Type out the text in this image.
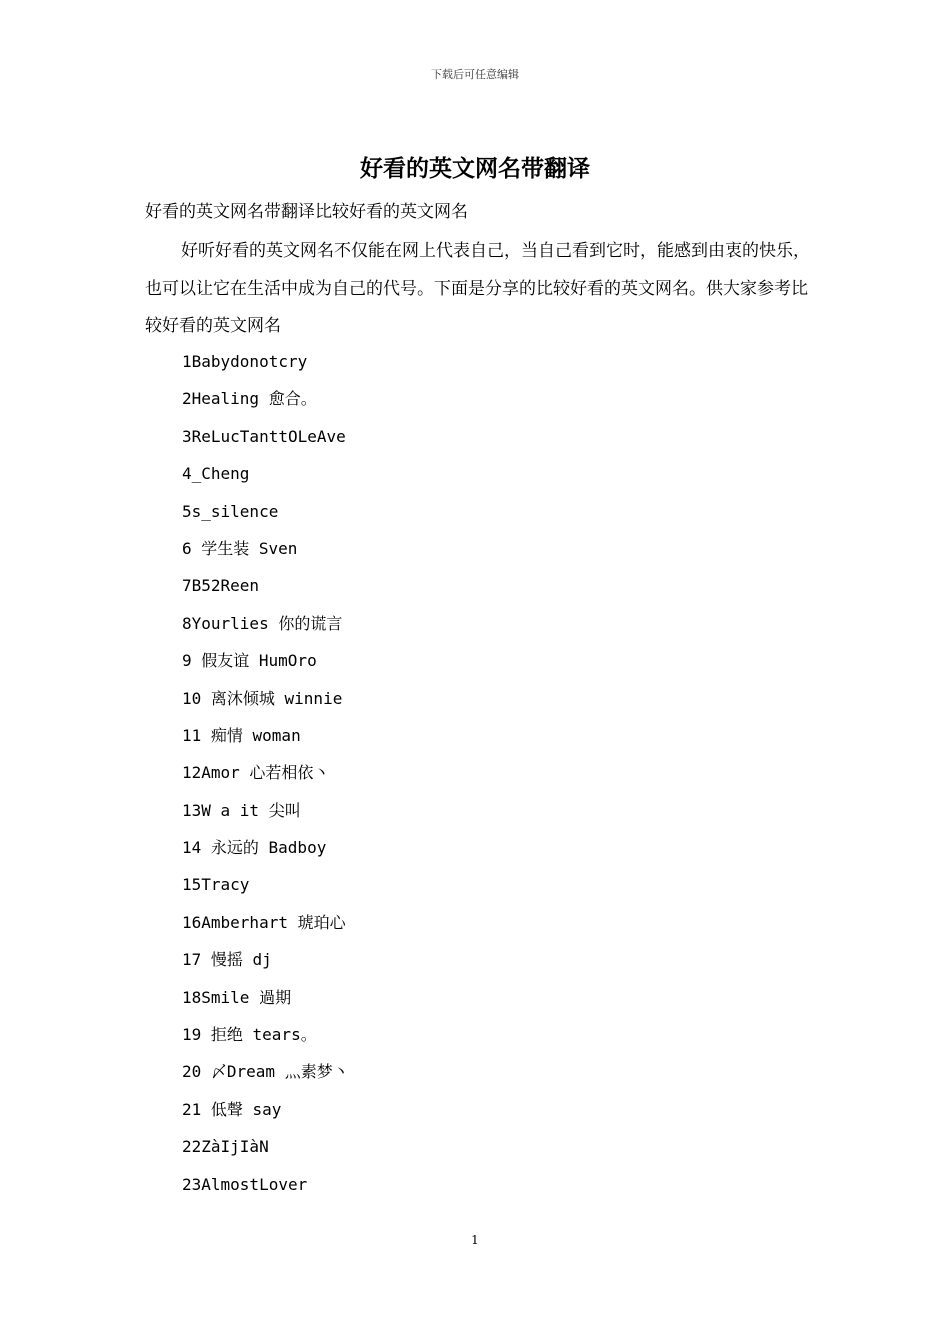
下载后可任意编辑
好看的英文网名带翻译
好看的英文网名带翻译比较好看的英文网名

好听好看的英文网名不仅能在网上代表自己，当自己看到它时，能感到由衷的快乐，也可以让它在生活中成为自己的代号。下面是分享的比较好看的英文网名。供大家参考比较好看的英文网名

1Babydonotcry
2Healing 愈合。
3ReLucTanttOLeAve
4_Cheng
5s_silence
6 学生装 Sven
7B52Reen
8Yourlies 你的谎言
9 假友谊 HumOro
10 离沐倾城 winnie
11 痴情 woman
12Amor 心若相依丶
13W a it 尖叫
14 永远的 Badboy
15Tracy
16Amberhart 琥珀心
17 慢摇 dj
18Smile 過期
19 拒绝 tears。
20 〆Dream 灬素梦丶
21 低聲 say
22ZàIjIàN
23AlmostLover
1
